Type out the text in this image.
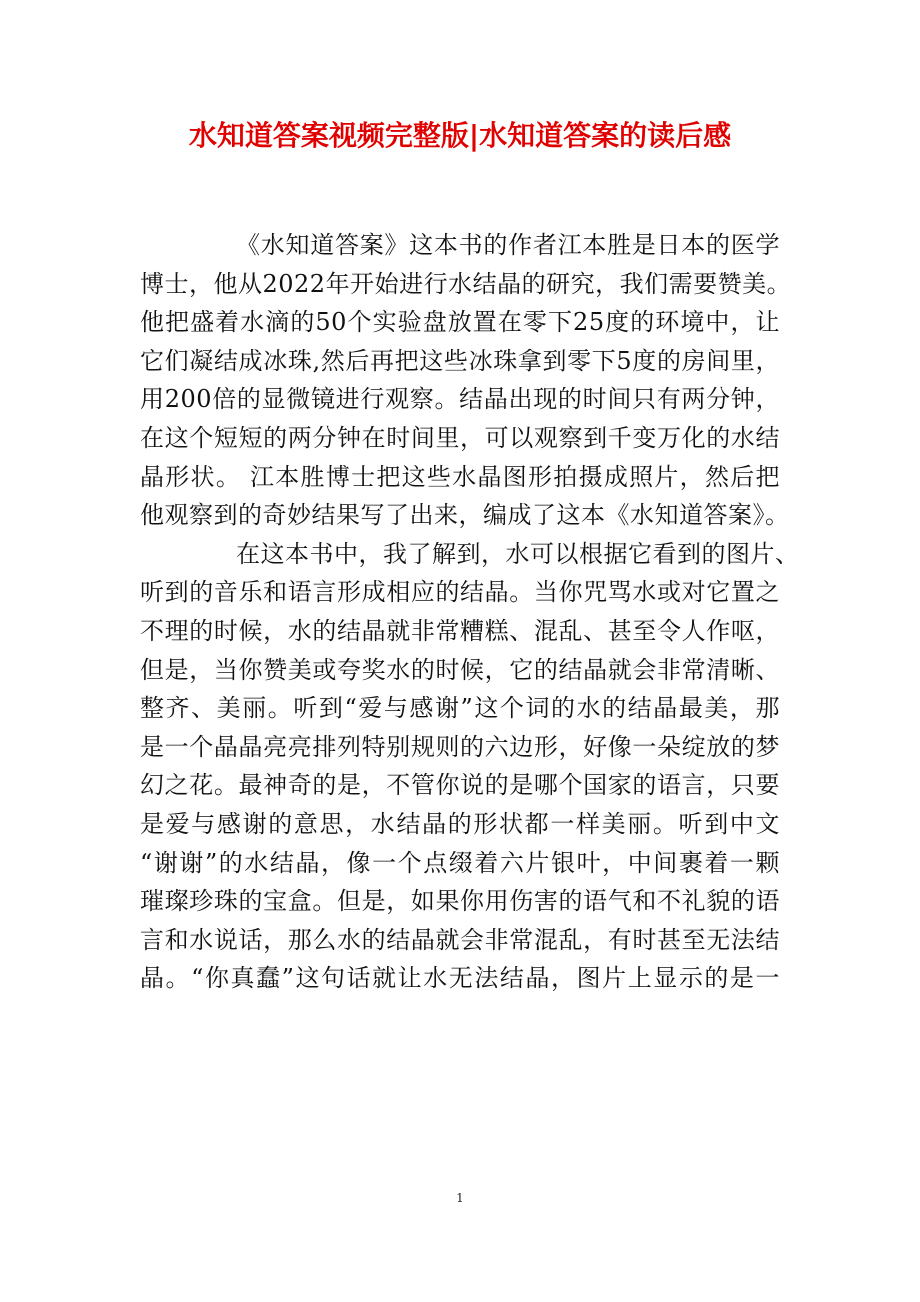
水知道答案视频完整版|水知道答案的读后感
《水知道答案》这本书的作者江本胜是日本的医学
博士，他从2022年开始进行水结晶的研究，我们需要赞美。
他把盛着水滴的50个实验盘放置在零下25度的环境中，让
它们凝结成冰珠,然后再把这些冰珠拿到零下5度的房间里，
用200倍的显微镜进行观察。结晶出现的时间只有两分钟，
在这个短短的两分钟在时间里，可以观察到千变万化的水结
晶形状。 江本胜博士把这些水晶图形拍摄成照片，然后把
他观察到的奇妙结果写了出来，编成了这本《水知道答案》。
在这本书中，我了解到，水可以根据它看到的图片、
听到的音乐和语言形成相应的结晶。当你咒骂水或对它置之
不理的时候，水的结晶就非常糟糕、混乱、甚至令人作呕，
但是，当你赞美或夸奖水的时候，它的结晶就会非常清晰、
整齐、美丽。听到“爱与感谢”这个词的水的结晶最美，那
是一个晶晶亮亮排列特别规则的六边形，好像一朵绽放的梦
幻之花。最神奇的是，不管你说的是哪个国家的语言，只要
是爱与感谢的意思，水结晶的形状都一样美丽。听到中文
“谢谢”的水结晶，像一个点缀着六片银叶，中间裹着一颗
璀璨珍珠的宝盒。但是，如果你用伤害的语气和不礼貌的语
言和水说话，那么水的结晶就会非常混乱，有时甚至无法结
晶。“你真蠢”这句话就让水无法结晶，图片上显示的是一
1
